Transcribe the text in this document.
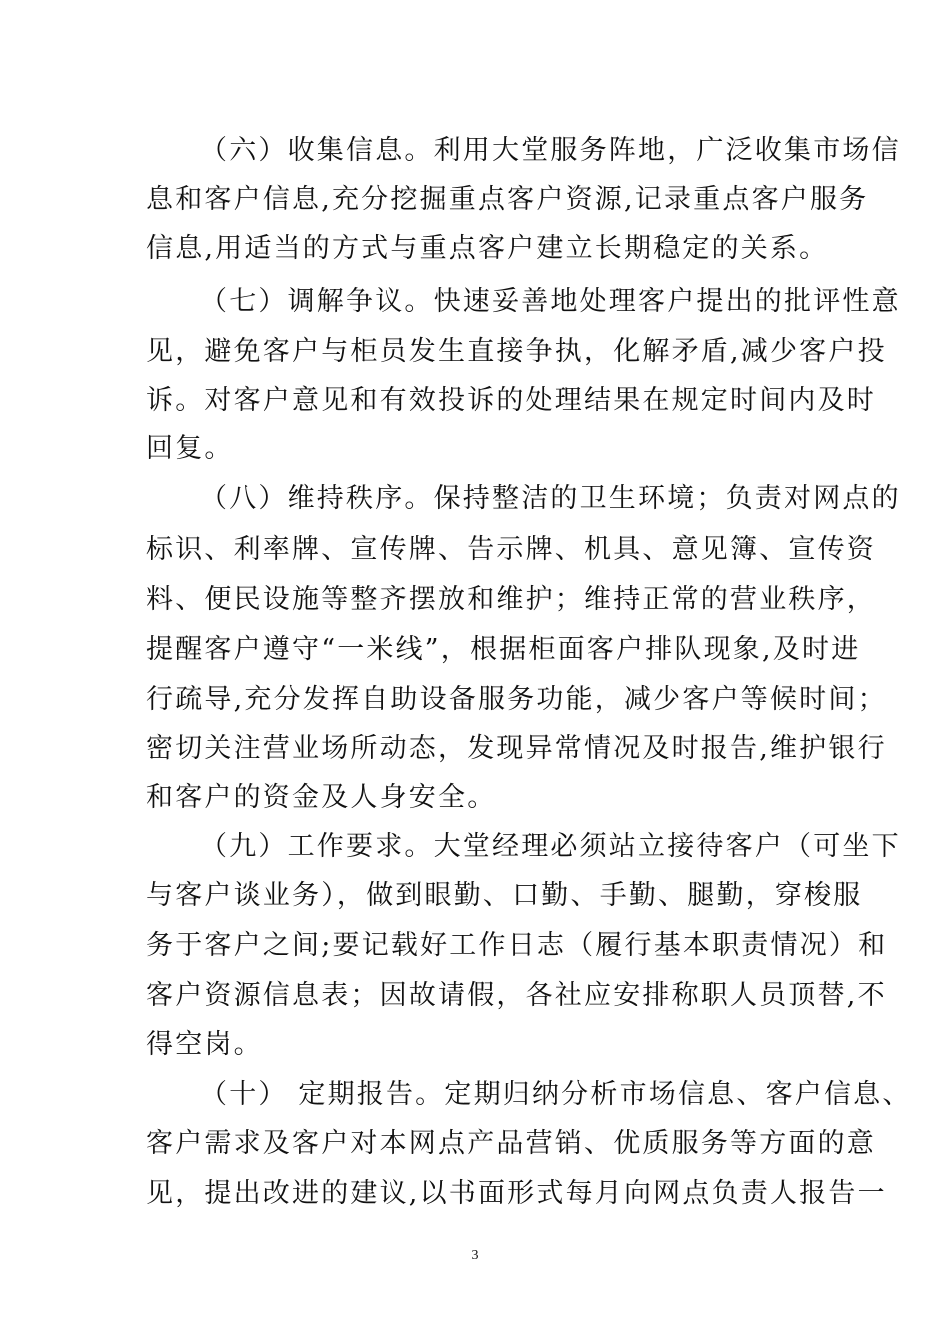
（六）收集信息。利用大堂服务阵地，广泛收集市场信
息和客户信息,充分挖掘重点客户资源,记录重点客户服务
信息,用适当的方式与重点客户建立长期稳定的关系。
（七）调解争议。快速妥善地处理客户提出的批评性意
见，避免客户与柜员发生直接争执，化解矛盾,减少客户投
诉。对客户意见和有效投诉的处理结果在规定时间内及时
回复。
（八）维持秩序。保持整洁的卫生环境；负责对网点的
标识、利率牌、宣传牌、告示牌、机具、意见簿、宣传资
料、便民设施等整齐摆放和维护；维持正常的营业秩序，
提醒客户遵守“一米线”，根据柜面客户排队现象,及时进
行疏导,充分发挥自助设备服务功能，减少客户等候时间；
密切关注营业场所动态，发现异常情况及时报告,维护银行
和客户的资金及人身安全。
（九）工作要求。大堂经理必须站立接待客户（可坐下
与客户谈业务），做到眼勤、口勤、手勤、腿勤，穿梭服
务于客户之间;要记载好工作日志（履行基本职责情况）和
客户资源信息表；因故请假，各社应安排称职人员顶替,不
得空岗。
（十） 定期报告。定期归纳分析市场信息、客户信息、
客户需求及客户对本网点产品营销、优质服务等方面的意
见，提出改进的建议,以书面形式每月向网点负责人报告一
3
